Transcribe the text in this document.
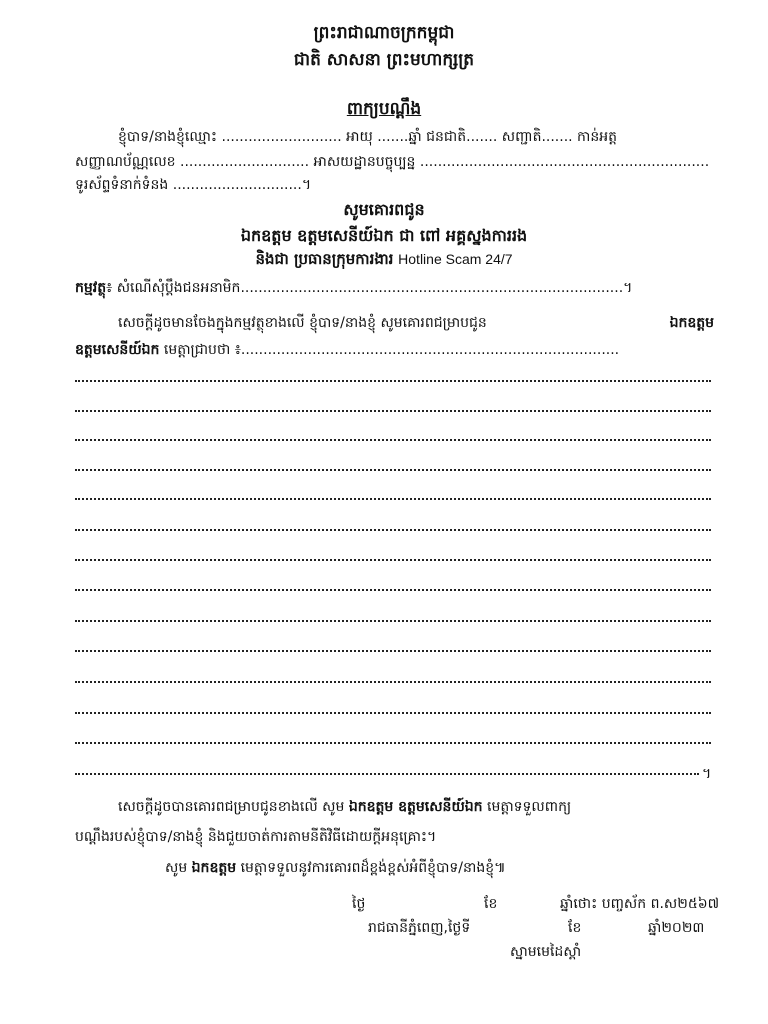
ព្រះរាជាណាចក្រកម្ពុជា
ជាតិ សាសនា ព្រះមហាក្សត្រ
ពាក្យបណ្ដឹង
ខ្ញុំបាទ/នាងខ្ញុំឈ្មោះ ........................... អាយុ .......ឆ្នាំ ជនជាតិ....... សញ្ជាតិ....... កាន់អត្ត
សញ្ញាណប័ណ្ណលេខ ............................. អាសយដ្ឋានបច្ចុប្បន្ន .................................................................
ទូរស័ព្ទទំនាក់ទំនង .............................។
សូមគោរពជូន
ឯកឧត្តម ឧត្តមសេនីយ៍ឯក ជា ពៅ អគ្គស្នងការរង
និងជា ប្រធានក្រុមការងារ Hotline Scam 24/7
កម្មវត្ថុ៖ សំណើសុំប្ដឹងជនអនាមិក......................................................................................។
សេចក្ដីដូចមានចែងក្នុងកម្មវត្ថុខាងលើ ខ្ញុំបាទ/នាងខ្ញុំ សូមគោរពជម្រាបជូន	ឯកឧត្តម
ឧត្តមសេនីយ៍ឯក មេត្តាជ្រាបថា ៖.....................................................................................
។
សេចក្ដីដូចបានគោរពជម្រាបជូនខាងលើ សូម ឯកឧត្តម ឧត្តមសេនីយ៍ឯក មេត្តាទទួលពាក្យ
បណ្ដឹងរបស់ខ្ញុំបាទ/នាងខ្ញុំ និងជួយចាត់ការតាមនីតិវិធីដោយក្ដីអនុគ្រោះ។
សូម ឯកឧត្តម មេត្តាទទួលនូវការគោរពដ៏ខ្ពង់ខ្ពស់អំពីខ្ញុំបាទ/នាងខ្ញុំ៕
ថ្ងៃ	ខែ	ឆ្នាំថោះ បញ្ចស័ក ព.ស២៥៦៧
រាជធានីភ្នំពេញ,ថ្ងៃទី	ខែ	ឆ្នាំ២០២៣
ស្នាមមេដៃស្ដាំ
